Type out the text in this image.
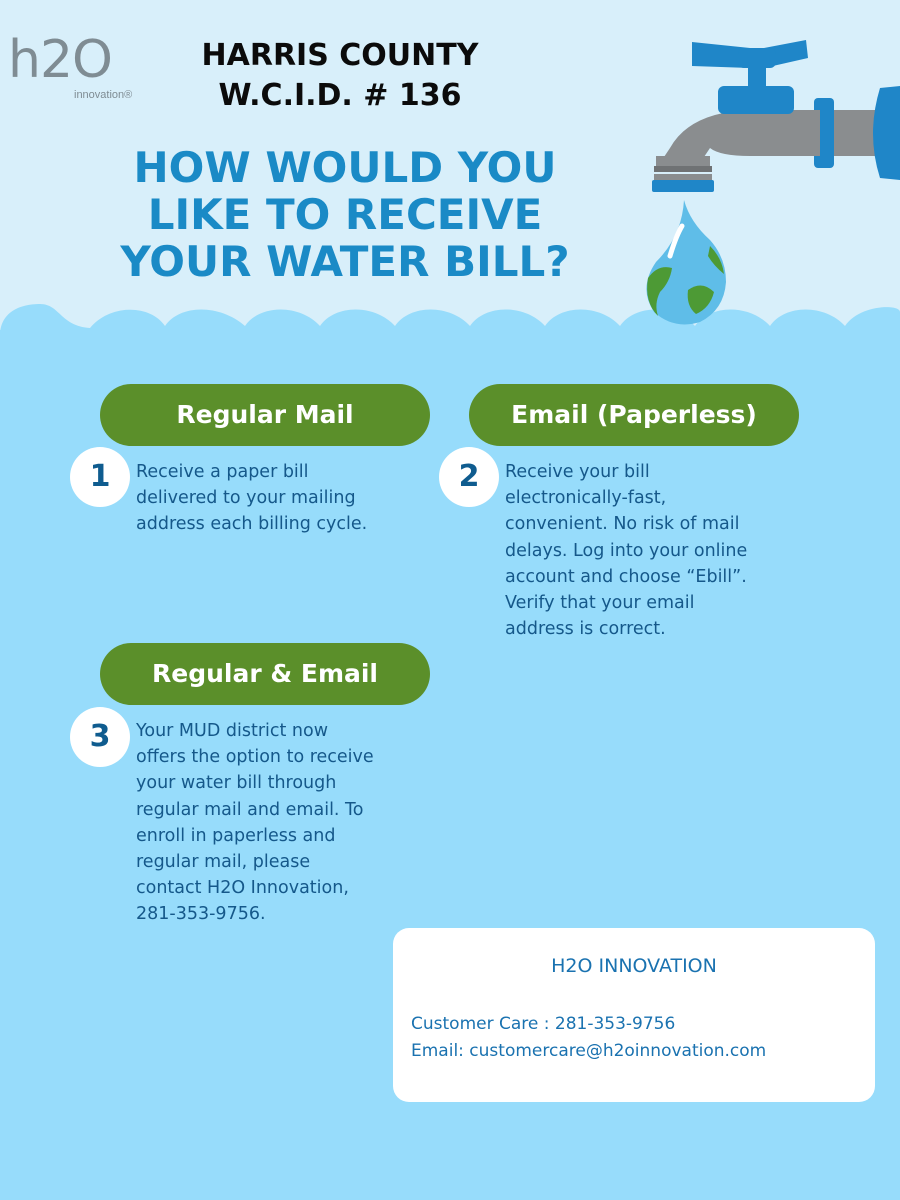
h2O
innovation®
HARRIS COUNTY
W.C.I.D. # 136
HOW WOULD YOU
LIKE TO RECEIVE
YOUR WATER BILL?
Regular Mail
1	Receive a paper bill
delivered to your mailing
address each billing cycle.
Email (Paperless)
2	Receive your bill
electronically-fast,
convenient. No risk of mail
delays. Log into your online
account and choose “Ebill”.
Verify that your email
address is correct.
Regular & Email
3	Your MUD district now
offers the option to receive
your water bill through
regular mail and email. To
enroll in paperless and
regular mail, please
contact H2O Innovation,
281-353-9756.
H2O INNOVATION
Customer Care : 281-353-9756
Email: customercare@h2oinnovation.com
